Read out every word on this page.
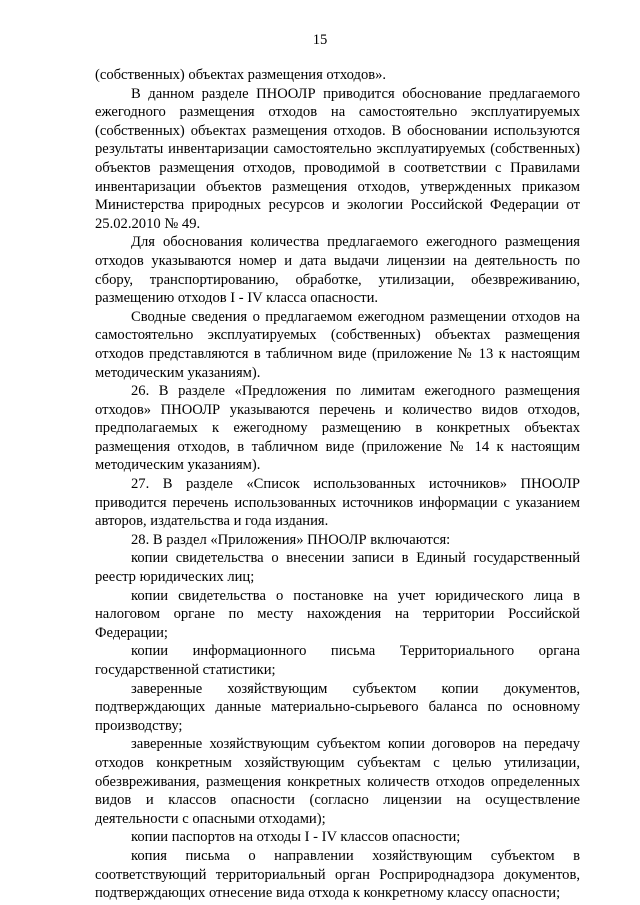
15

(собственных) объектах размещения отходов».

В данном разделе ПНООЛР приводится обоснование предлагаемого ежегодного размещения отходов на самостоятельно эксплуатируемых (собственных) объектах размещения отходов. В обосновании используются результаты инвентаризации самостоятельно эксплуатируемых (собственных) объектов размещения отходов, проводимой в соответствии с Правилами инвентаризации объектов размещения отходов, утвержденных приказом Министерства природных ресурсов и экологии Российской Федерации от 25.02.2010 № 49.

Для обоснования количества предлагаемого ежегодного размещения отходов указываются номер и дата выдачи лицензии на деятельность по сбору, транспортированию, обработке, утилизации, обезвреживанию, размещению отходов I - IV класса опасности.

Сводные сведения о предлагаемом ежегодном размещении отходов на самостоятельно эксплуатируемых (собственных) объектах размещения отходов представляются в табличном виде (приложение № 13 к настоящим методическим указаниям).

26. В разделе «Предложения по лимитам ежегодного размещения отходов» ПНООЛР указываются перечень и количество видов отходов, предполагаемых к ежегодному размещению в конкретных объектах размещения отходов, в табличном виде (приложение № 14 к настоящим методическим указаниям).

27. В разделе «Список использованных источников» ПНООЛР приводится перечень использованных источников информации с указанием авторов, издательства и года издания.

28. В раздел «Приложения» ПНООЛР включаются:

копии свидетельства о внесении записи в Единый государственный реестр юридических лиц;

копии свидетельства о постановке на учет юридического лица в налоговом органе по месту нахождения на территории Российской Федерации;

копии информационного письма Территориального органа государственной статистики;

заверенные хозяйствующим субъектом копии документов, подтверждающих данные материально-сырьевого баланса по основному производству;

заверенные хозяйствующим субъектом копии договоров на передачу отходов конкретным хозяйствующим субъектам с целью утилизации, обезвреживания, размещения конкретных количеств отходов определенных видов и классов опасности (согласно лицензии на осуществление деятельности с опасными отходами);

копии паспортов на отходы I - IV классов опасности;

копия письма о направлении хозяйствующим субъектом в соответствующий территориальный орган Росприроднадзора документов, подтверждающих отнесение вида отхода к конкретному классу опасности;
